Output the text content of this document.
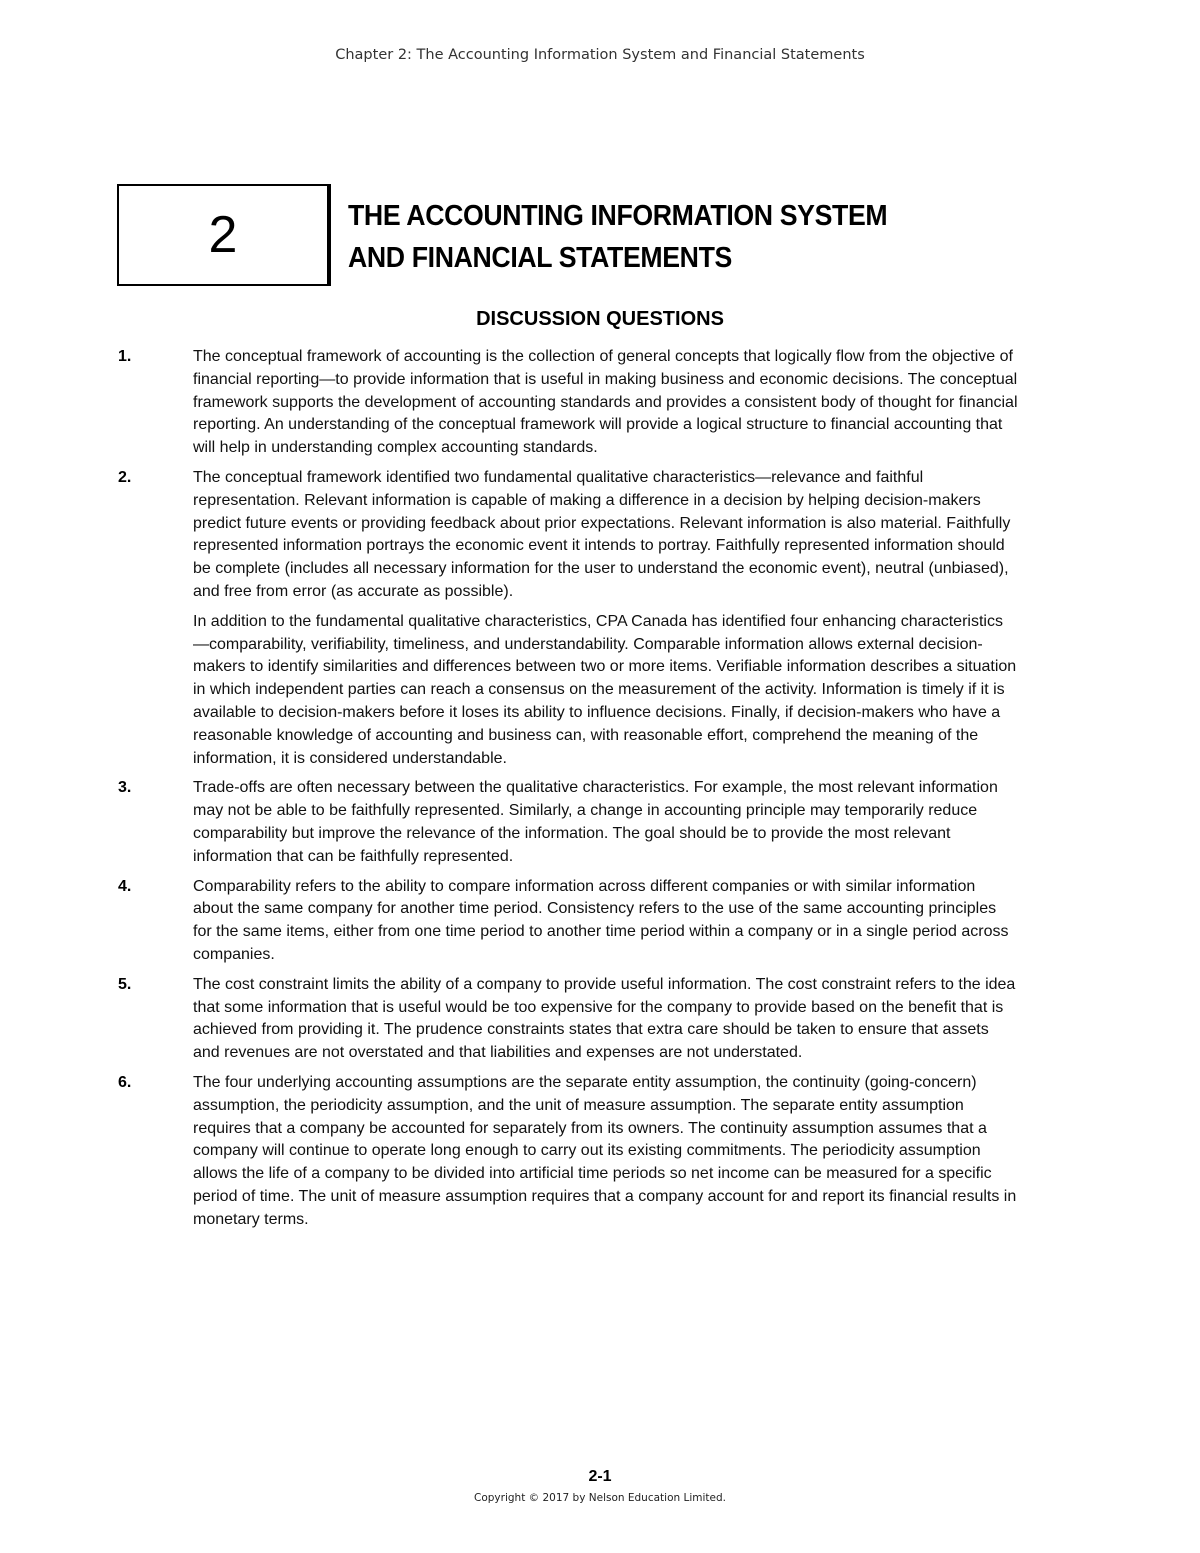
Chapter 2: The Accounting Information System and Financial Statements
2	THE ACCOUNTING INFORMATION SYSTEM
AND FINANCIAL STATEMENTS
DISCUSSION QUESTIONS
1.	The conceptual framework of accounting is the collection of general concepts that logically flow from the objective of financial reporting—to provide information that is useful in making business and economic decisions. The conceptual framework supports the development of accounting standards and provides a consistent body of thought for financial reporting. An understanding of the conceptual framework will provide a logical structure to financial accounting that will help in understanding complex accounting standards.

2.	The conceptual framework identified two fundamental qualitative characteristics—relevance and faithful representation. Relevant information is capable of making a difference in a decision by helping decision-makers predict future events or providing feedback about prior expectations. Relevant information is also material. Faithfully represented information portrays the economic event it intends to portray. Faithfully represented information should be complete (includes all necessary information for the user to understand the economic event), neutral (unbiased), and free from error (as accurate as possible).

In addition to the fundamental qualitative characteristics, CPA Canada has identified four enhancing characteristics—comparability, verifiability, timeliness, and understandability. Comparable information allows external decision-makers to identify similarities and differences between two or more items. Verifiable information describes a situation in which independent parties can reach a consensus on the measurement of the activity. Information is timely if it is available to decision-makers before it loses its ability to influence decisions. Finally, if decision-makers who have a reasonable knowledge of accounting and business can, with reasonable effort, comprehend the meaning of the information, it is considered understandable.

3.	Trade-offs are often necessary between the qualitative characteristics. For example, the most relevant information may not be able to be faithfully represented. Similarly, a change in accounting principle may temporarily reduce comparability but improve the relevance of the information. The goal should be to provide the most relevant information that can be faithfully represented.

4.	Comparability refers to the ability to compare information across different companies or with similar information about the same company for another time period. Consistency refers to the use of the same accounting principles for the same items, either from one time period to another time period within a company or in a single period across companies.

5.	The cost constraint limits the ability of a company to provide useful information. The cost constraint refers to the idea that some information that is useful would be too expensive for the company to provide based on the benefit that is achieved from providing it. The prudence constraints states that extra care should be taken to ensure that assets and revenues are not overstated and that liabilities and expenses are not understated.

6.	The four underlying accounting assumptions are the separate entity assumption, the continuity (going-concern) assumption, the periodicity assumption, and the unit of measure assumption. The separate entity assumption requires that a company be accounted for separately from its owners. The continuity assumption assumes that a company will continue to operate long enough to carry out its existing commitments. The periodicity assumption allows the life of a company to be divided into artificial time periods so net income can be measured for a specific period of time. The unit of measure assumption requires that a company account for and report its financial results in monetary terms.

2-1
Copyright © 2017 by Nelson Education Limited.
